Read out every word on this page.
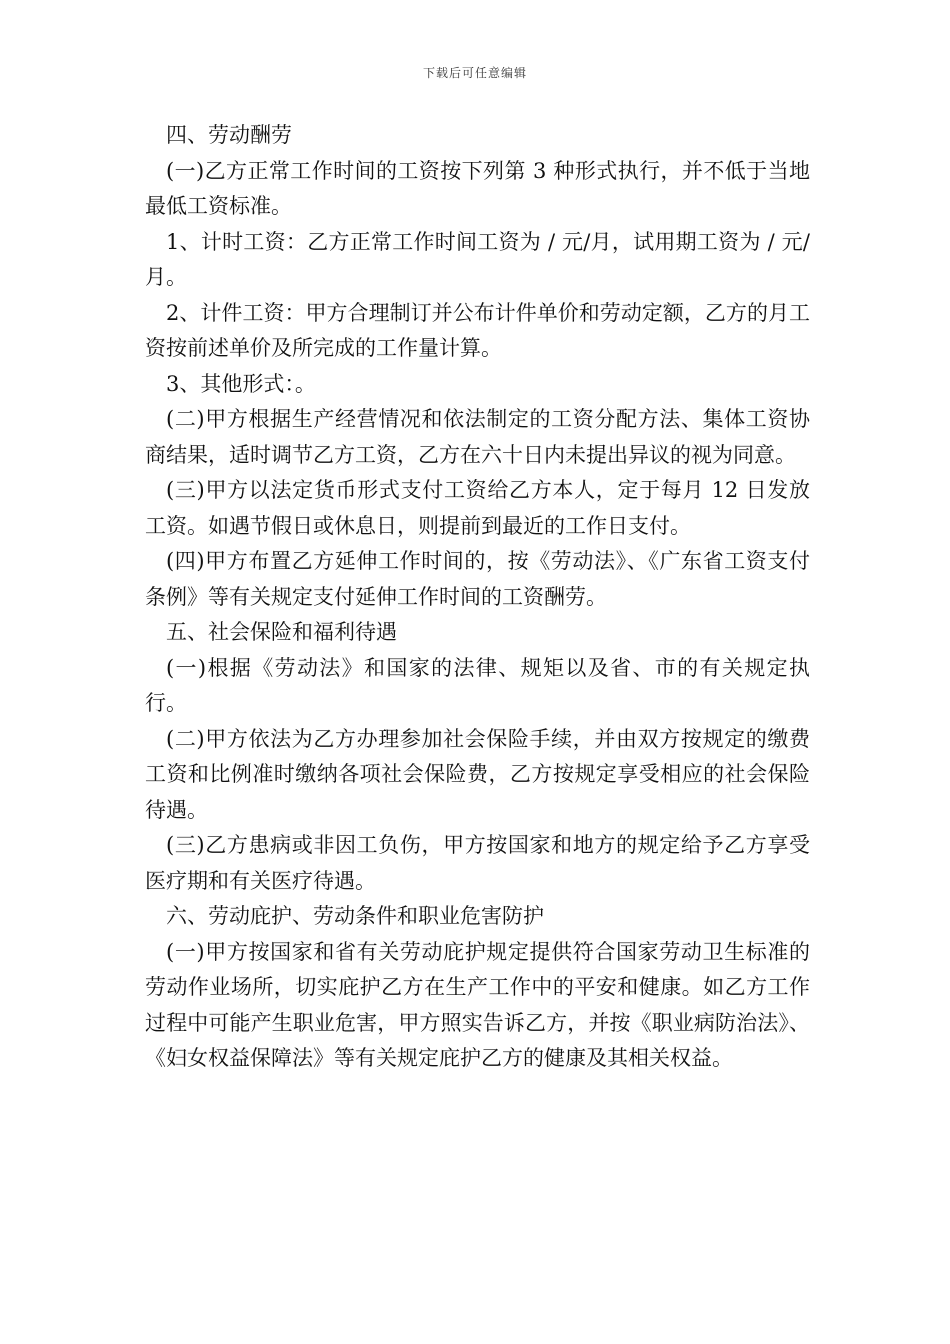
下载后可任意编辑

四、劳动酬劳

(一)乙方正常工作时间的工资按下列第 3 种形式执行，并不低于当地最低工资标准。

1、计时工资：乙方正常工作时间工资为 / 元/月，试用期工资为 / 元/月。

2、计件工资：甲方合理制订并公布计件单价和劳动定额，乙方的月工资按前述单价及所完成的工作量计算。

3、其他形式：。

(二)甲方根据生产经营情况和依法制定的工资分配方法、集体工资协商结果，适时调节乙方工资，乙方在六十日内未提出异议的视为同意。

(三)甲方以法定货币形式支付工资给乙方本人，定于每月 12 日发放工资。如遇节假日或休息日，则提前到最近的工作日支付。

(四)甲方布置乙方延伸工作时间的，按《劳动法》、《广东省工资支付条例》等有关规定支付延伸工作时间的工资酬劳。

五、社会保险和福利待遇

(一)根据《劳动法》和国家的法律、规矩以及省、市的有关规定执行。

(二)甲方依法为乙方办理参加社会保险手续，并由双方按规定的缴费工资和比例准时缴纳各项社会保险费，乙方按规定享受相应的社会保险待遇。

(三)乙方患病或非因工负伤，甲方按国家和地方的规定给予乙方享受医疗期和有关医疗待遇。

六、劳动庇护、劳动条件和职业危害防护

(一)甲方按国家和省有关劳动庇护规定提供符合国家劳动卫生标准的劳动作业场所，切实庇护乙方在生产工作中的平安和健康。如乙方工作过程中可能产生职业危害，甲方照实告诉乙方，并按《职业病防治法》、《妇女权益保障法》等有关规定庇护乙方的健康及其相关权益。
